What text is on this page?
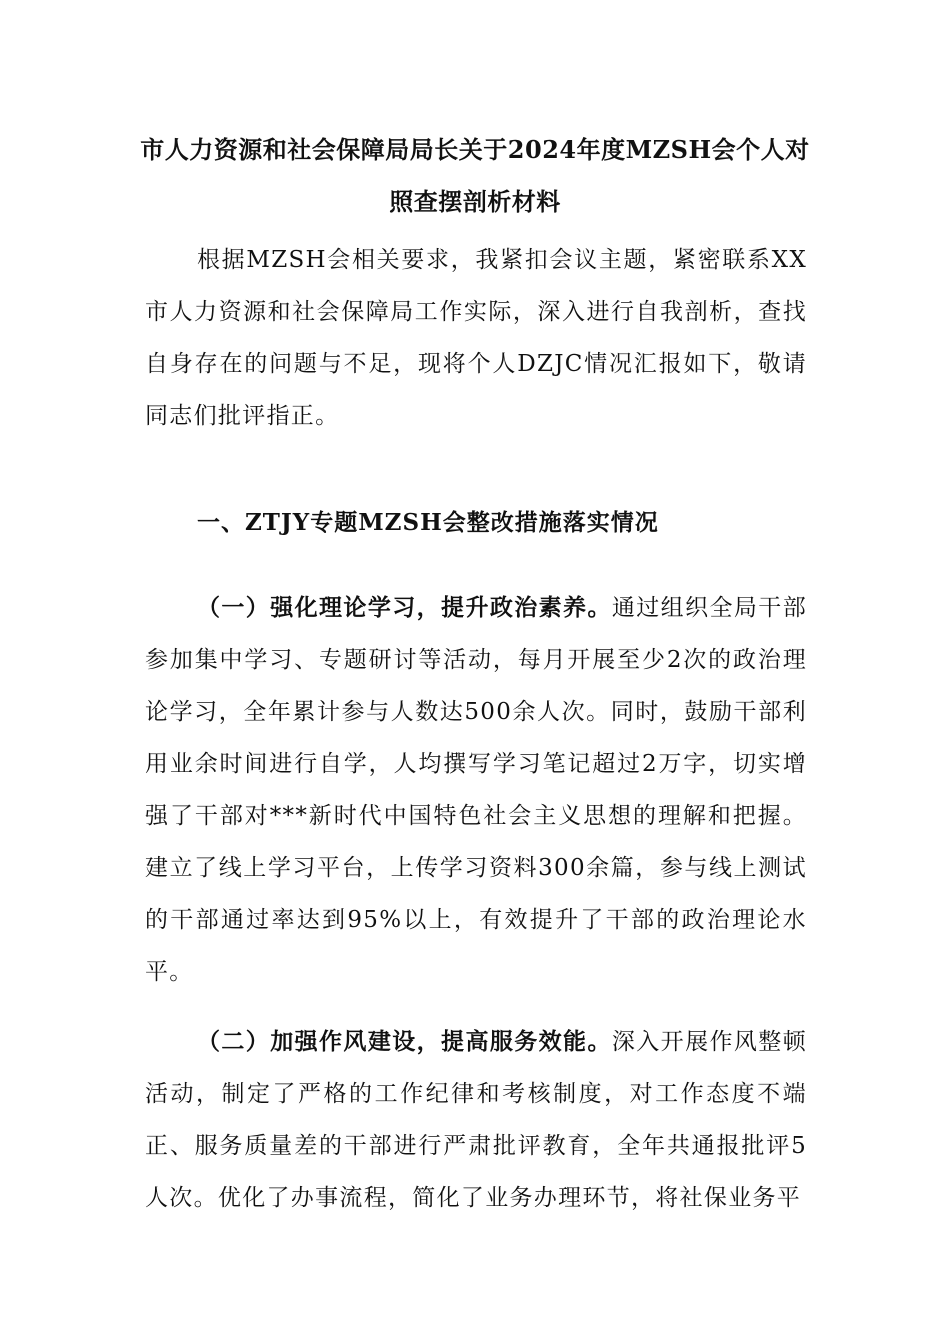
市人力资源和社会保障局局长关于2024年度MZSH会个人对
照查摆剖析材料

根据MZSH会相关要求，我紧扣会议主题，紧密联系XX市人力资源和社会保障局工作实际，深入进行自我剖析，查找自身存在的问题与不足，现将个人DZJC情况汇报如下，敬请同志们批评指正。

一、ZTJY专题MZSH会整改措施落实情况

（一）强化理论学习，提升政治素养。通过组织全局干部参加集中学习、专题研讨等活动，每月开展至少2次的政治理论学习，全年累计参与人数达500余人次。同时，鼓励干部利用业余时间进行自学，人均撰写学习笔记超过2万字，切实增强了干部对***新时代中国特色社会主义思想的理解和把握。建立了线上学习平台，上传学习资料300余篇，参与线上测试的干部通过率达到95%以上，有效提升了干部的政治理论水平。

（二）加强作风建设，提高服务效能。深入开展作风整顿活动，制定了严格的工作纪律和考核制度，对工作态度不端正、服务质量差的干部进行严肃批评教育，全年共通报批评5人次。优化了办事流程，简化了业务办理环节，将社保业务平
